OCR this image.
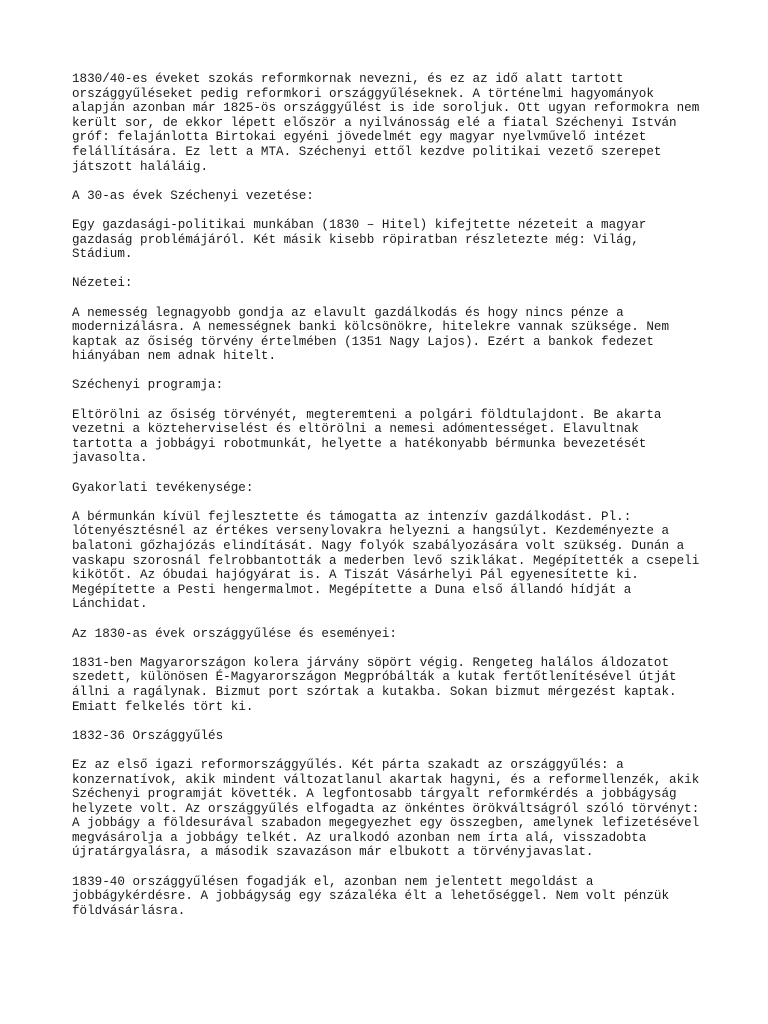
1830/40-es éveket szokás reformkornak nevezni, és ez az idő alatt tartott
országgyűléseket pedig reformkori országgyűléseknek. A történelmi hagyományok
alapján azonban már 1825-ös országgyűlést is ide soroljuk. Ott ugyan reformokra nem
került sor, de ekkor lépett először a nyilvánosság elé a fiatal Széchenyi István
gróf: felajánlotta Birtokai egyéni jövedelmét egy magyar nyelvművelő intézet
felállítására. Ez lett a MTA. Széchenyi ettől kezdve politikai vezető szerepet
játszott haláláig.

A 30-as évek Széchenyi vezetése:

Egy gazdasági-politikai munkában (1830 – Hitel) kifejtette nézeteit a magyar
gazdaság problémájáról. Két másik kisebb röpiratban részletezte még: Világ,
Stádium.

Nézetei:

A nemesség legnagyobb gondja az elavult gazdálkodás és hogy nincs pénze a
modernizálásra. A nemességnek banki kölcsönökre, hitelekre vannak szüksége. Nem
kaptak az ősiség törvény értelmében (1351 Nagy Lajos). Ezért a bankok fedezet
hiányában nem adnak hitelt.

Széchenyi programja:

Eltörölni az ősiség törvényét, megteremteni a polgári földtulajdont. Be akarta
vezetni a közteherviselést és eltörölni a nemesi adómentességet. Elavultnak
tartotta a jobbágyi robotmunkát, helyette a hatékonyabb bérmunka bevezetését
javasolta.

Gyakorlati tevékenysége:

A bérmunkán kívül fejlesztette és támogatta az intenzív gazdálkodást. Pl.:
lótenyésztésnél az értékes versenylovakra helyezni a hangsúlyt. Kezdeményezte a
balatoni gőzhajózás elindítását. Nagy folyók szabályozására volt szükség. Dunán a
vaskapu szorosnál felrobbantották a mederben levő sziklákat. Megépítették a csepeli
kikötőt. Az óbudai hajógyárat is. A Tiszát Vásárhelyi Pál egyenesítette ki.
Megépítette a Pesti hengermalmot. Megépítette a Duna első állandó hídját a
Lánchidat.

Az 1830-as évek országgyűlése és eseményei:

1831-ben Magyarországon kolera járvány söpört végig. Rengeteg halálos áldozatot
szedett, különösen É-Magyarországon Megpróbálták a kutak fertőtlenítésével útját
állni a ragálynak. Bizmut port szórtak a kutakba. Sokan bizmut mérgezést kaptak.
Emiatt felkelés tört ki.

1832-36 Országgyűlés

Ez az első igazi reformországgyűlés. Két párta szakadt az országgyűlés: a
konzernatívok, akik mindent változatlanul akartak hagyni, és a reformellenzék, akik
Széchenyi programját követték. A legfontosabb tárgyalt reformkérdés a jobbágyság
helyzete volt. Az országgyűlés elfogadta az önkéntes örökváltságról szóló törvényt:
A jobbágy a földesurával szabadon megegyezhet egy összegben, amelynek lefizetésével
megvásárolja a jobbágy telkét. Az uralkodó azonban nem írta alá, visszadobta
újratárgyalásra, a második szavazáson már elbukott a törvényjavaslat.

1839-40 országgyűlésen fogadják el, azonban nem jelentett megoldást a
jobbágykérdésre. A jobbágyság egy százaléka élt a lehetőséggel. Nem volt pénzük
földvásárlásra.
